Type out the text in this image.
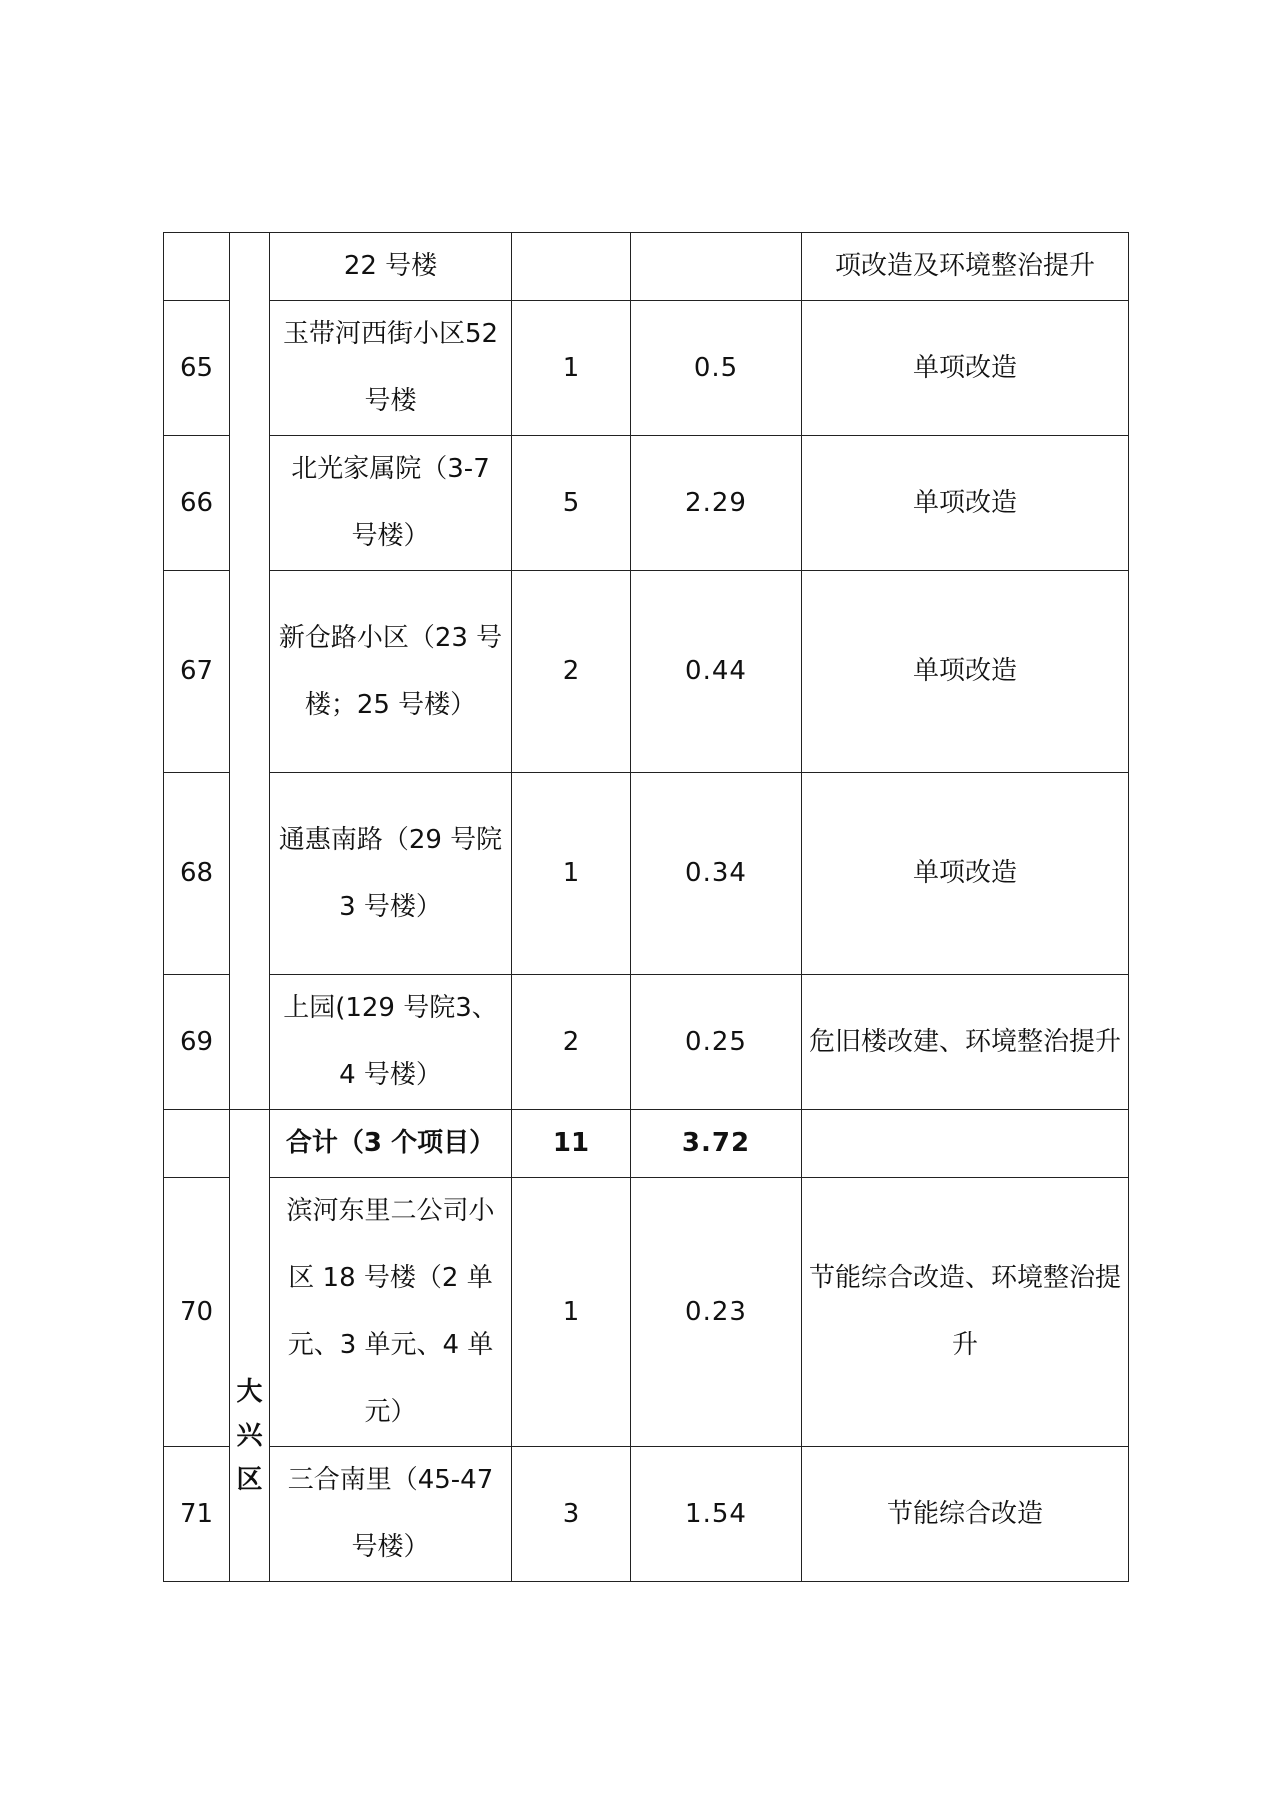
		22 号楼			项改造及环境整治提升
65		玉带河西街小区52 号楼	1	0.5	单项改造
66		北光家属院（3-7 号楼）	5	2.29	单项改造
67		新仓路小区（23 号楼；25 号楼）	2	0.44	单项改造
68		通惠南路（29 号院 3 号楼）	1	0.34	单项改造
69		上园(129 号院3、4 号楼）	2	0.25	危旧楼改建、环境整治提升
	大兴区	合计（3 个项目）	11	3.72	
70		滨河东里二公司小区 18 号楼（2 单元、3 单元、4 单元）	1	0.23	节能综合改造、环境整治提升
71		三合南里（45-47 号楼）	3	1.54	节能综合改造
